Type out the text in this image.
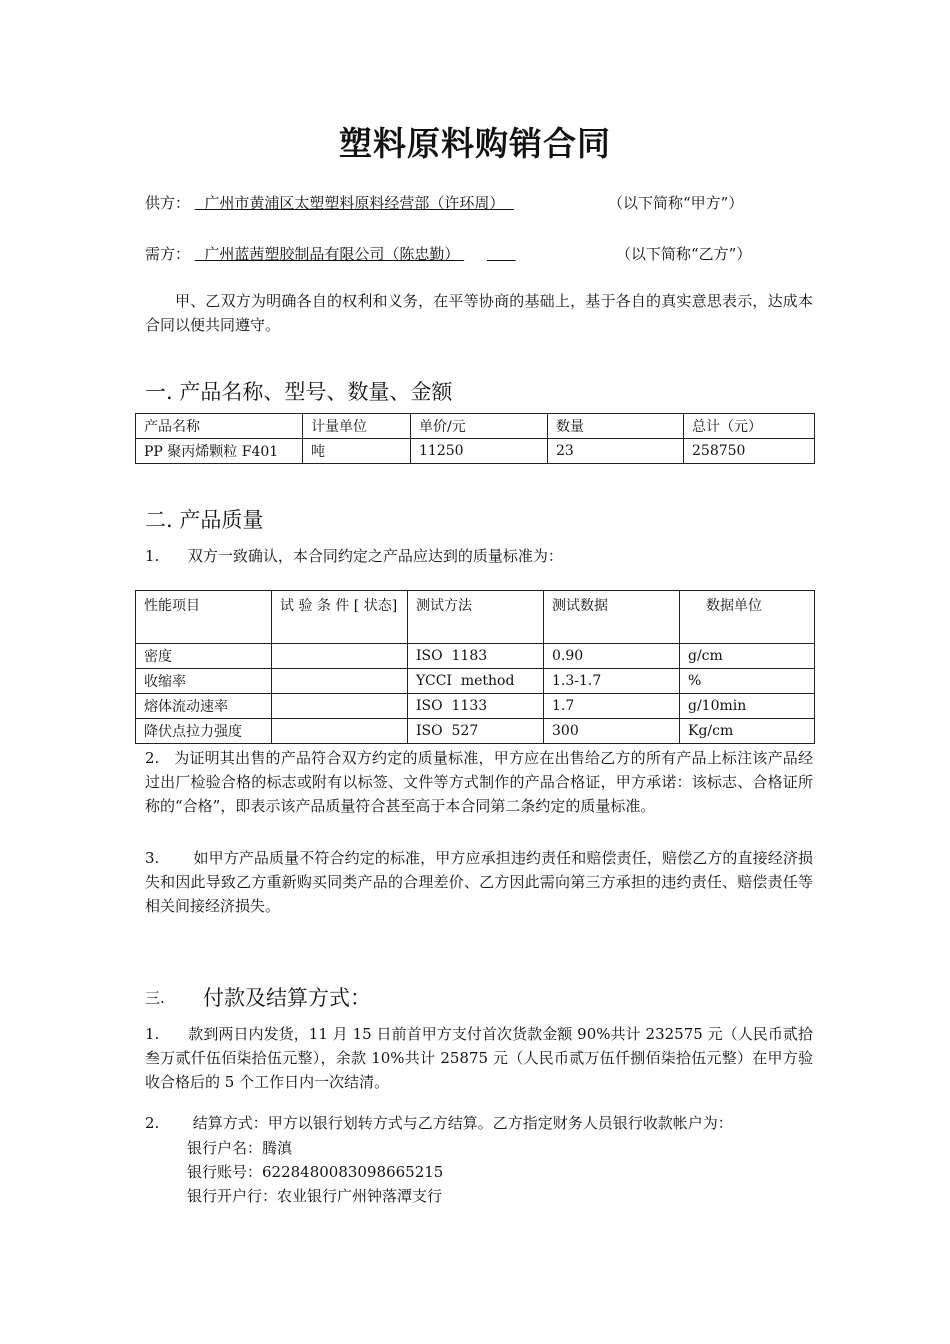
塑料原料购销合同
供方： 广州市黄浦区太塑塑料原料经营部（许环周）	（以下简称“甲方”）
需方： 广州蓝茜塑胶制品有限公司（陈忠勤）	（以下简称“乙方”）
甲、乙双方为明确各自的权利和义务，在平等协商的基础上，基于各自的真实意思表示，达成本合同以便共同遵守。
一. 产品名称、型号、数量、金额
产品名称	计量单位	单价/元	数量	总计（元）
PP 聚丙烯颗粒 F401	吨	11250	23	258750
二. 产品质量
1.      双方一致确认，本合同约定之产品应达到的质量标准为：
性能项目	试 验 条 件 [ 状态]	测试方法	测试数据	数据单位
密度		ISO  1183	0.90	g/cm
收缩率		YCCI  method	1.3-1.7	%
熔体流动速率		ISO  1133	1.7	g/10min
降伏点拉力强度		ISO  527	300	Kg/cm
2.   为证明其出售的产品符合双方约定的质量标准，甲方应在出售给乙方的所有产品上标注该产品经过出厂检验合格的标志或附有以标签、文件等方式制作的产品合格证，甲方承诺：该标志、合格证所称的“合格”，即表示该产品质量符合甚至高于本合同第二条约定的质量标准。
3.       如甲方产品质量不符合约定的标准，甲方应承担违约责任和赔偿责任，赔偿乙方的直接经济损失和因此导致乙方重新购买同类产品的合理差价、乙方因此需向第三方承担的违约责任、赔偿责任等相关间接经济损失。
三. 付款及结算方式：
1.      款到两日内发货，11 月 15 日前首甲方支付首次货款金额 90%共计 232575 元（人民币贰拾叁万贰仟伍佰柒拾伍元整），余款 10%共计 25875 元（人民币贰万伍仟捌佰柒拾伍元整）在甲方验收合格后的 5 个工作日内一次结清。
2.       结算方式：甲方以银行划转方式与乙方结算。乙方指定财务人员银行收款帐户为：
银行户名：腾滇
银行账号：6228480083098665215
银行开户行：农业银行广州钟落潭支行
